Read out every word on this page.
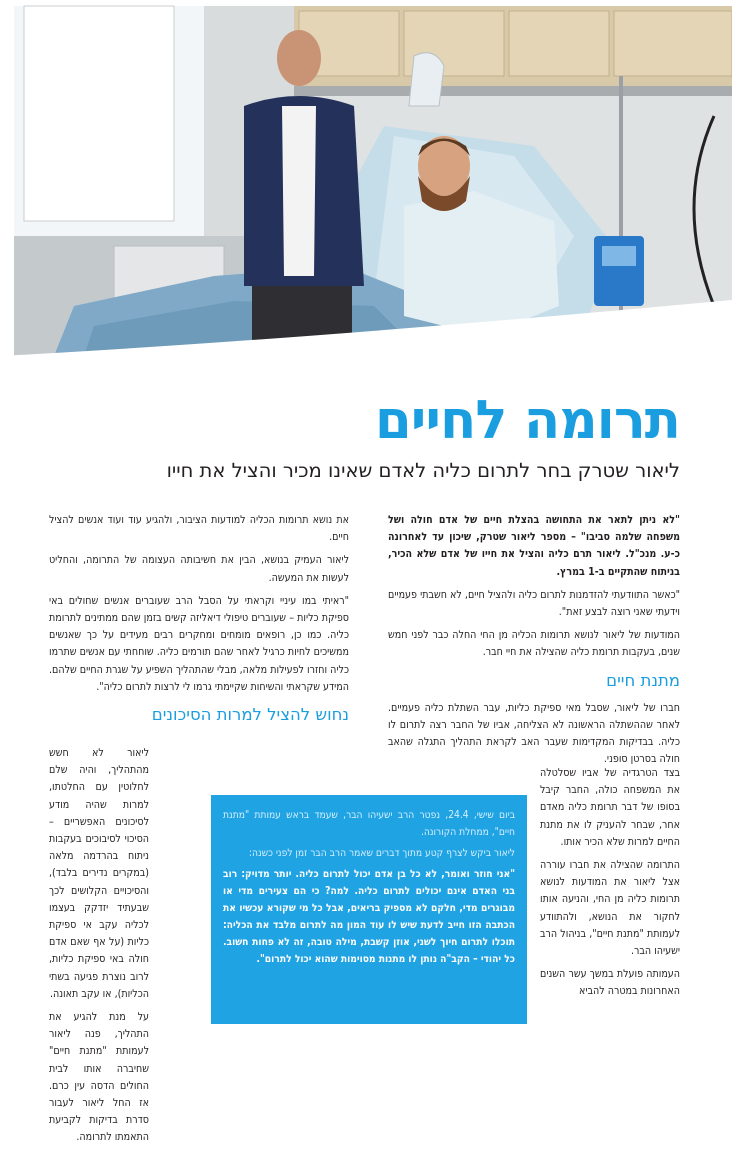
תרומה לחיים
ליאור שטרק בחר לתרום כליה לאדם שאינו מכיר והציל את חייו

"לא ניתן לתאר את התחושה בהצלת חיים של אדם חולה ושל משפחה שלמה סביבו" – מספר ליאור שטרק, שיכון עד לאחרונה כ-ע. מנכ"ל. ליאור תרם כליה והציל את חייו של אדם שלא הכיר, בניתוח שהתקיים ב-1 במרץ.

"כאשר התוודעתי להזדמנות לתרום כליה ולהציל חיים, לא חשבתי פעמיים וידעתי שאני רוצה לבצע זאת".

המודעות של ליאור לנושא תרומות הכליה מן החי החלה כבר לפני חמש שנים, בעקבות תרומת כליה שהצילה את חיי חבר.

מתנת חיים

חברו של ליאור, שסבל מאי ספיקת כליות, עבר השתלת כליה פעמיים. לאחר שההשתלה הראשונה לא הצליחה, אביו של החבר רצה לתרום לו כליה. בבדיקות המקדימות שעבר האב לקראת התהליך התגלה שהאב חולה בסרטן סופני.

בצד הטרגדיה של אביו שסלטלה את המשפחה כולה, החבר קיבל בסופו של דבר תרומת כליה מאדם אחר, שבחר להעניק לו את מתנת החיים למרות שלא הכיר אותו.

התרומה שהצילה את חברו עוררה אצל ליאור את המודעות לנושא תרומות כליה מן החי, והניעה אותו לחקור את הנושא, ולהתוודע לעמותת "מתנת חיים", בניהול הרב ישעיהו הבר.

העמותה פועלת במשך עשר השנים האחרונות במטרה להביא

את נושא תרומות הכליה למודעות הציבור, ולהגיע עוד ועוד אנשים להציל חיים.

ליאור העמיק בנושא, הבין את חשיבותה העצומה של התרומה, והחליט לעשות את המעשה.

"ראיתי במו עיניי וקראתי על הסבל הרב שעוברים אנשים שחולים באי ספיקת כליות – שעוברים טיפולי דיאליזה קשים בזמן שהם ממתינים לתרומת כליה. כמו כן, רופאים מומחים ומחקרים רבים מעידים על כך שאנשים ממשיכים לחיות כרגיל לאחר שהם תורמים כליה. שוחחתי עם אנשים שתרמו כליה וחזרו לפעילות מלאה, מבלי שהתהליך השפיע על שגרת החיים שלהם. המידע שקראתי והשיחות שקיימתי גרמו לי לרצות לתרום כליה".

נחוש להציל למרות הסיכונים

ליאור לא חשש מהתהליך, והיה שלם לחלוטין עם החלטתו, למרות שהיה מודע לסיכונים האפשריים – הסיכוי לסיבוכים בעקבות ניתוח בהרדמה מלאה (במקרים נדירים בלבד), והסיכויים הקלושים לכך שבעתיד יזדקק בעצמו לכליה עקב אי ספיקת כליות (על אף שאם אדם חולה באי ספיקת כליות, לרוב נוצרת פגיעה בשתי הכליות), או עקב תאונה.

על מנת להגיע את התהליך, פנה ליאור לעמותת "מתנת חיים" שחיברה אותו לבית החולים הדסה עין כרם. אז החל ליאור לעבור סדרת בדיקות לקביעת התאמתו לתרומה.

ביום שישי, 24.4, נפטר הרב ישעיהו הבר, שעמד בראש עמותת "מתנת חיים", ממחלת הקורונה.

ליאור ביקש לצרף קטע מתוך דברים שאמר הרב הבר זמן לפני כשנה:

"אני חוזר ואומר, לא כל בן אדם יכול לתרום כליה. יותר מדויק: רוב בני האדם אינם יכולים לתרום כליה. למה? כי הם צעירים מדי או מבוגרים מדי, חלקם לא מספיק בריאים, אבל כל מי שקורא עכשיו את הכתבה הזו חייב לדעת שיש לו עוד המון מה לתרום מלבד את הכליה: תוכלו לתרום חיוך לשני, אוזן קשבת, מילה טובה, זה לא פחות חשוב. כל יהודי – הקב"ה נותן לו מתנות מסוימות שהוא יכול לתרום".
